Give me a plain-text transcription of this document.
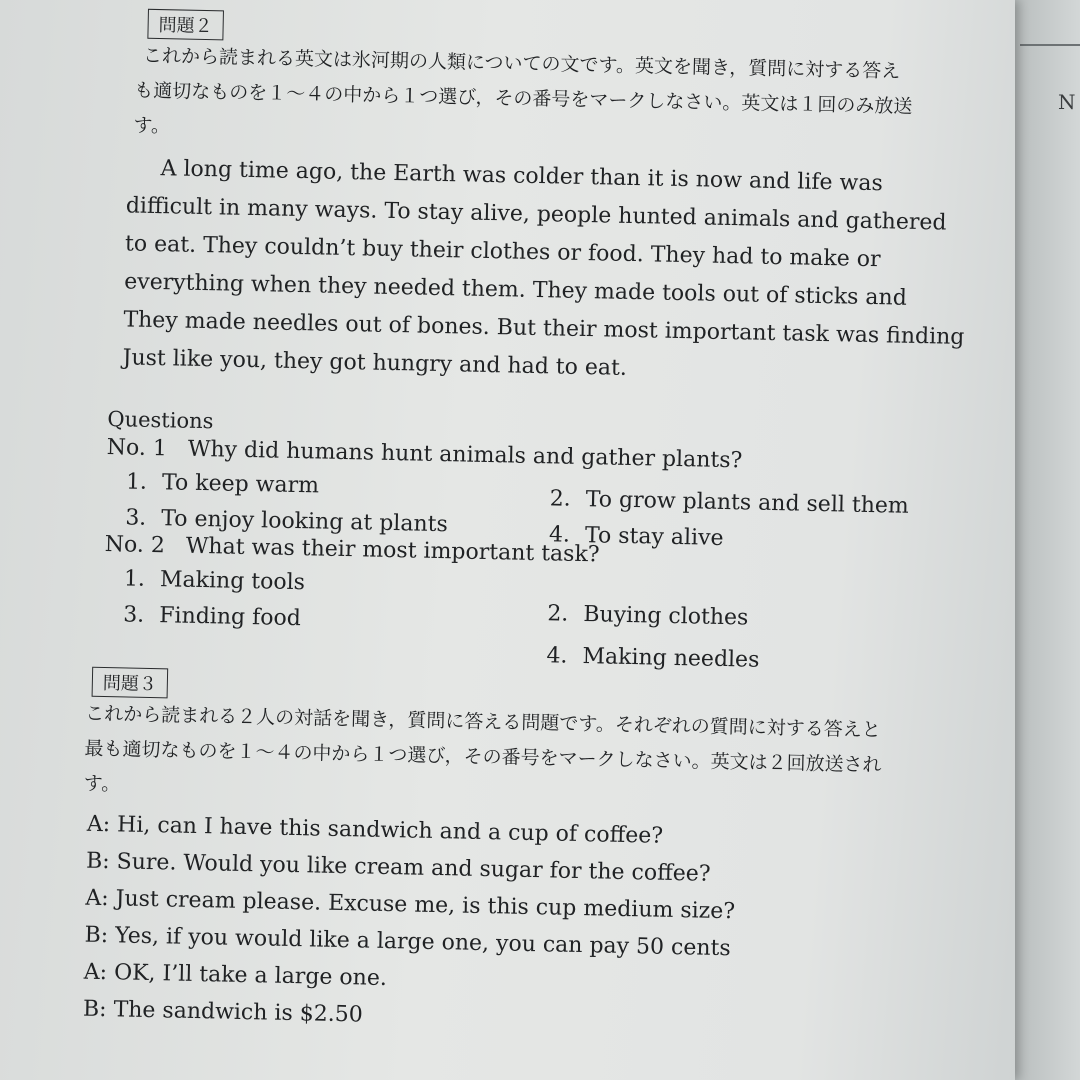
N
問題２

これから読まれる英文は氷河期の人類についての文です。英文を聞き，質問に対する答え

も適切なものを１～４の中から１つ選び，その番号をマークしなさい。英文は１回のみ放送

す。

A long time ago, the Earth was colder than it is now and life was
difficult in many ways. To stay alive, people hunted animals and gathered
to eat. They couldn’t buy their clothes or food. They had to make or
everything when they needed them. They made tools out of sticks and
They made needles out of bones. But their most important task was finding
Just like you, they got hungry and had to eat.
Questions
No. 1 Why did humans hunt animals and gather plants?
1．To keep warm
2．To grow plants and sell them
3．To enjoy looking at plants	4．To stay alive
No. 2 What was their most important task?
1．Making tools
2．Buying clothes
3．Finding food
4．Making needles
問題３

これから読まれる２人の対話を聞き，質問に答える問題です。それぞれの質問に対する答えと

最も適切なものを１～４の中から１つ選び，その番号をマークしなさい。英文は２回放送され

す。

A: Hi, can I have this sandwich and a cup of coffee?
B: Sure. Would you like cream and sugar for the coffee?
A: Just cream please. Excuse me, is this cup medium size?
B: Yes, if you would like a large one, you can pay 50 cents
A: OK, I’ll take a large one.
B: The sandwich is $2.50
